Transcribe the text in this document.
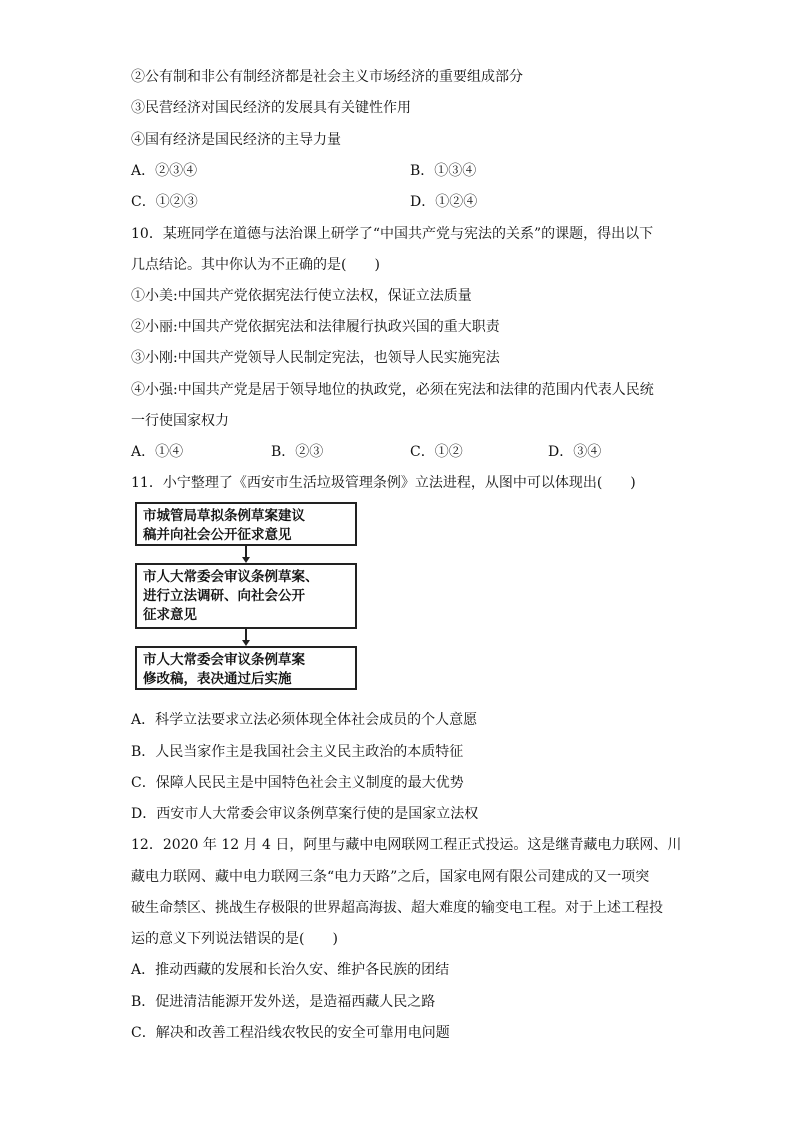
②公有制和非公有制经济都是社会主义市场经济的重要组成部分
③民营经济对国民经济的发展具有关键性作用
④国有经济是国民经济的主导力量
A．②③④	B．①③④
C．①②③	D．①②④
10．某班同学在道德与法治课上研学了“中国共产党与宪法的关系”的课题，得出以下
几点结论。其中你认为不正确的是(　　)
①小美:中国共产党依据宪法行使立法权，保证立法质量
②小丽:中国共产党依据宪法和法律履行执政兴国的重大职责
③小刚:中国共产党领导人民制定宪法，也领导人民实施宪法
④小强:中国共产党是居于领导地位的执政党，必须在宪法和法律的范围内代表人民统
一行使国家权力
A．①④	B．②③	C．①②	D．③④
11．小宁整理了《西安市生活垃圾管理条例》立法进程，从图中可以体现出(　　)
市城管局草拟条例草案建议
稿并向社会公开征求意见
市人大常委会审议条例草案、
进行立法调研、向社会公开
征求意见
市人大常委会审议条例草案
修改稿，表决通过后实施
A．科学立法要求立法必须体现全体社会成员的个人意愿
B．人民当家作主是我国社会主义民主政治的本质特征
C．保障人民民主是中国特色社会主义制度的最大优势
D．西安市人大常委会审议条例草案行使的是国家立法权
12．2020 年 12 月 4 日，阿里与藏中电网联网工程正式投运。这是继青藏电力联网、川
藏电力联网、藏中电力联网三条“电力天路”之后，国家电网有限公司建成的又一项突
破生命禁区、挑战生存极限的世界超高海拔、超大难度的输变电工程。对于上述工程投
运的意义下列说法错误的是(　　)
A．推动西藏的发展和长治久安、维护各民族的团结
B．促进清洁能源开发外送，是造福西藏人民之路
C．解决和改善工程沿线农牧民的安全可靠用电问题
